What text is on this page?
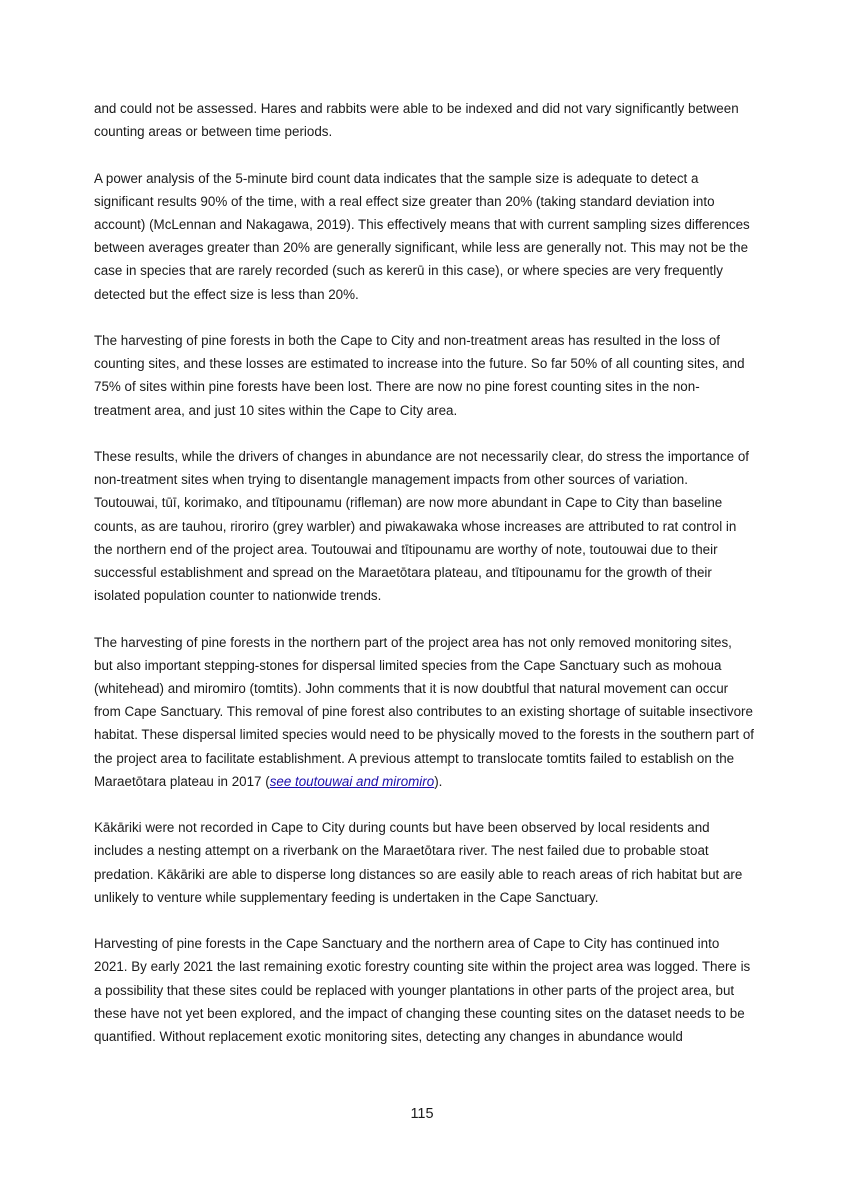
and could not be assessed. Hares and rabbits were able to be indexed and did not vary significantly between counting areas or between time periods.

A power analysis of the 5-minute bird count data indicates that the sample size is adequate to detect a significant results 90% of the time, with a real effect size greater than 20% (taking standard deviation into account) (McLennan and Nakagawa, 2019). This effectively means that with current sampling sizes differences between averages greater than 20% are generally significant, while less are generally not. This may not be the case in species that are rarely recorded (such as kererū in this case), or where species are very frequently detected but the effect size is less than 20%.

The harvesting of pine forests in both the Cape to City and non-treatment areas has resulted in the loss of counting sites, and these losses are estimated to increase into the future. So far 50% of all counting sites, and 75% of sites within pine forests have been lost. There are now no pine forest counting sites in the non-treatment area, and just 10 sites within the Cape to City area.

These results, while the drivers of changes in abundance are not necessarily clear, do stress the importance of non-treatment sites when trying to disentangle management impacts from other sources of variation. Toutouwai, tūī, korimako, and tītipounamu (rifleman) are now more abundant in Cape to City than baseline counts, as are tauhou, riroriro (grey warbler) and piwakawaka whose increases are attributed to rat control in the northern end of the project area. Toutouwai and tītipounamu are worthy of note, toutouwai due to their successful establishment and spread on the Maraetōtara plateau, and tītipounamu for the growth of their isolated population counter to nationwide trends.

The harvesting of pine forests in the northern part of the project area has not only removed monitoring sites, but also important stepping-stones for dispersal limited species from the Cape Sanctuary such as mohoua (whitehead) and miromiro (tomtits). John comments that it is now doubtful that natural movement can occur from Cape Sanctuary. This removal of pine forest also contributes to an existing shortage of suitable insectivore habitat. These dispersal limited species would need to be physically moved to the forests in the southern part of the project area to facilitate establishment. A previous attempt to translocate tomtits failed to establish on the Maraetōtara plateau in 2017 (see toutouwai and miromiro).

Kākāriki were not recorded in Cape to City during counts but have been observed by local residents and includes a nesting attempt on a riverbank on the Maraetōtara river. The nest failed due to probable stoat predation. Kākāriki are able to disperse long distances so are easily able to reach areas of rich habitat but are unlikely to venture while supplementary feeding is undertaken in the Cape Sanctuary.

Harvesting of pine forests in the Cape Sanctuary and the northern area of Cape to City has continued into 2021. By early 2021 the last remaining exotic forestry counting site within the project area was logged. There is a possibility that these sites could be replaced with younger plantations in other parts of the project area, but these have not yet been explored, and the impact of changing these counting sites on the dataset needs to be quantified. Without replacement exotic monitoring sites, detecting any changes in abundance would

115
